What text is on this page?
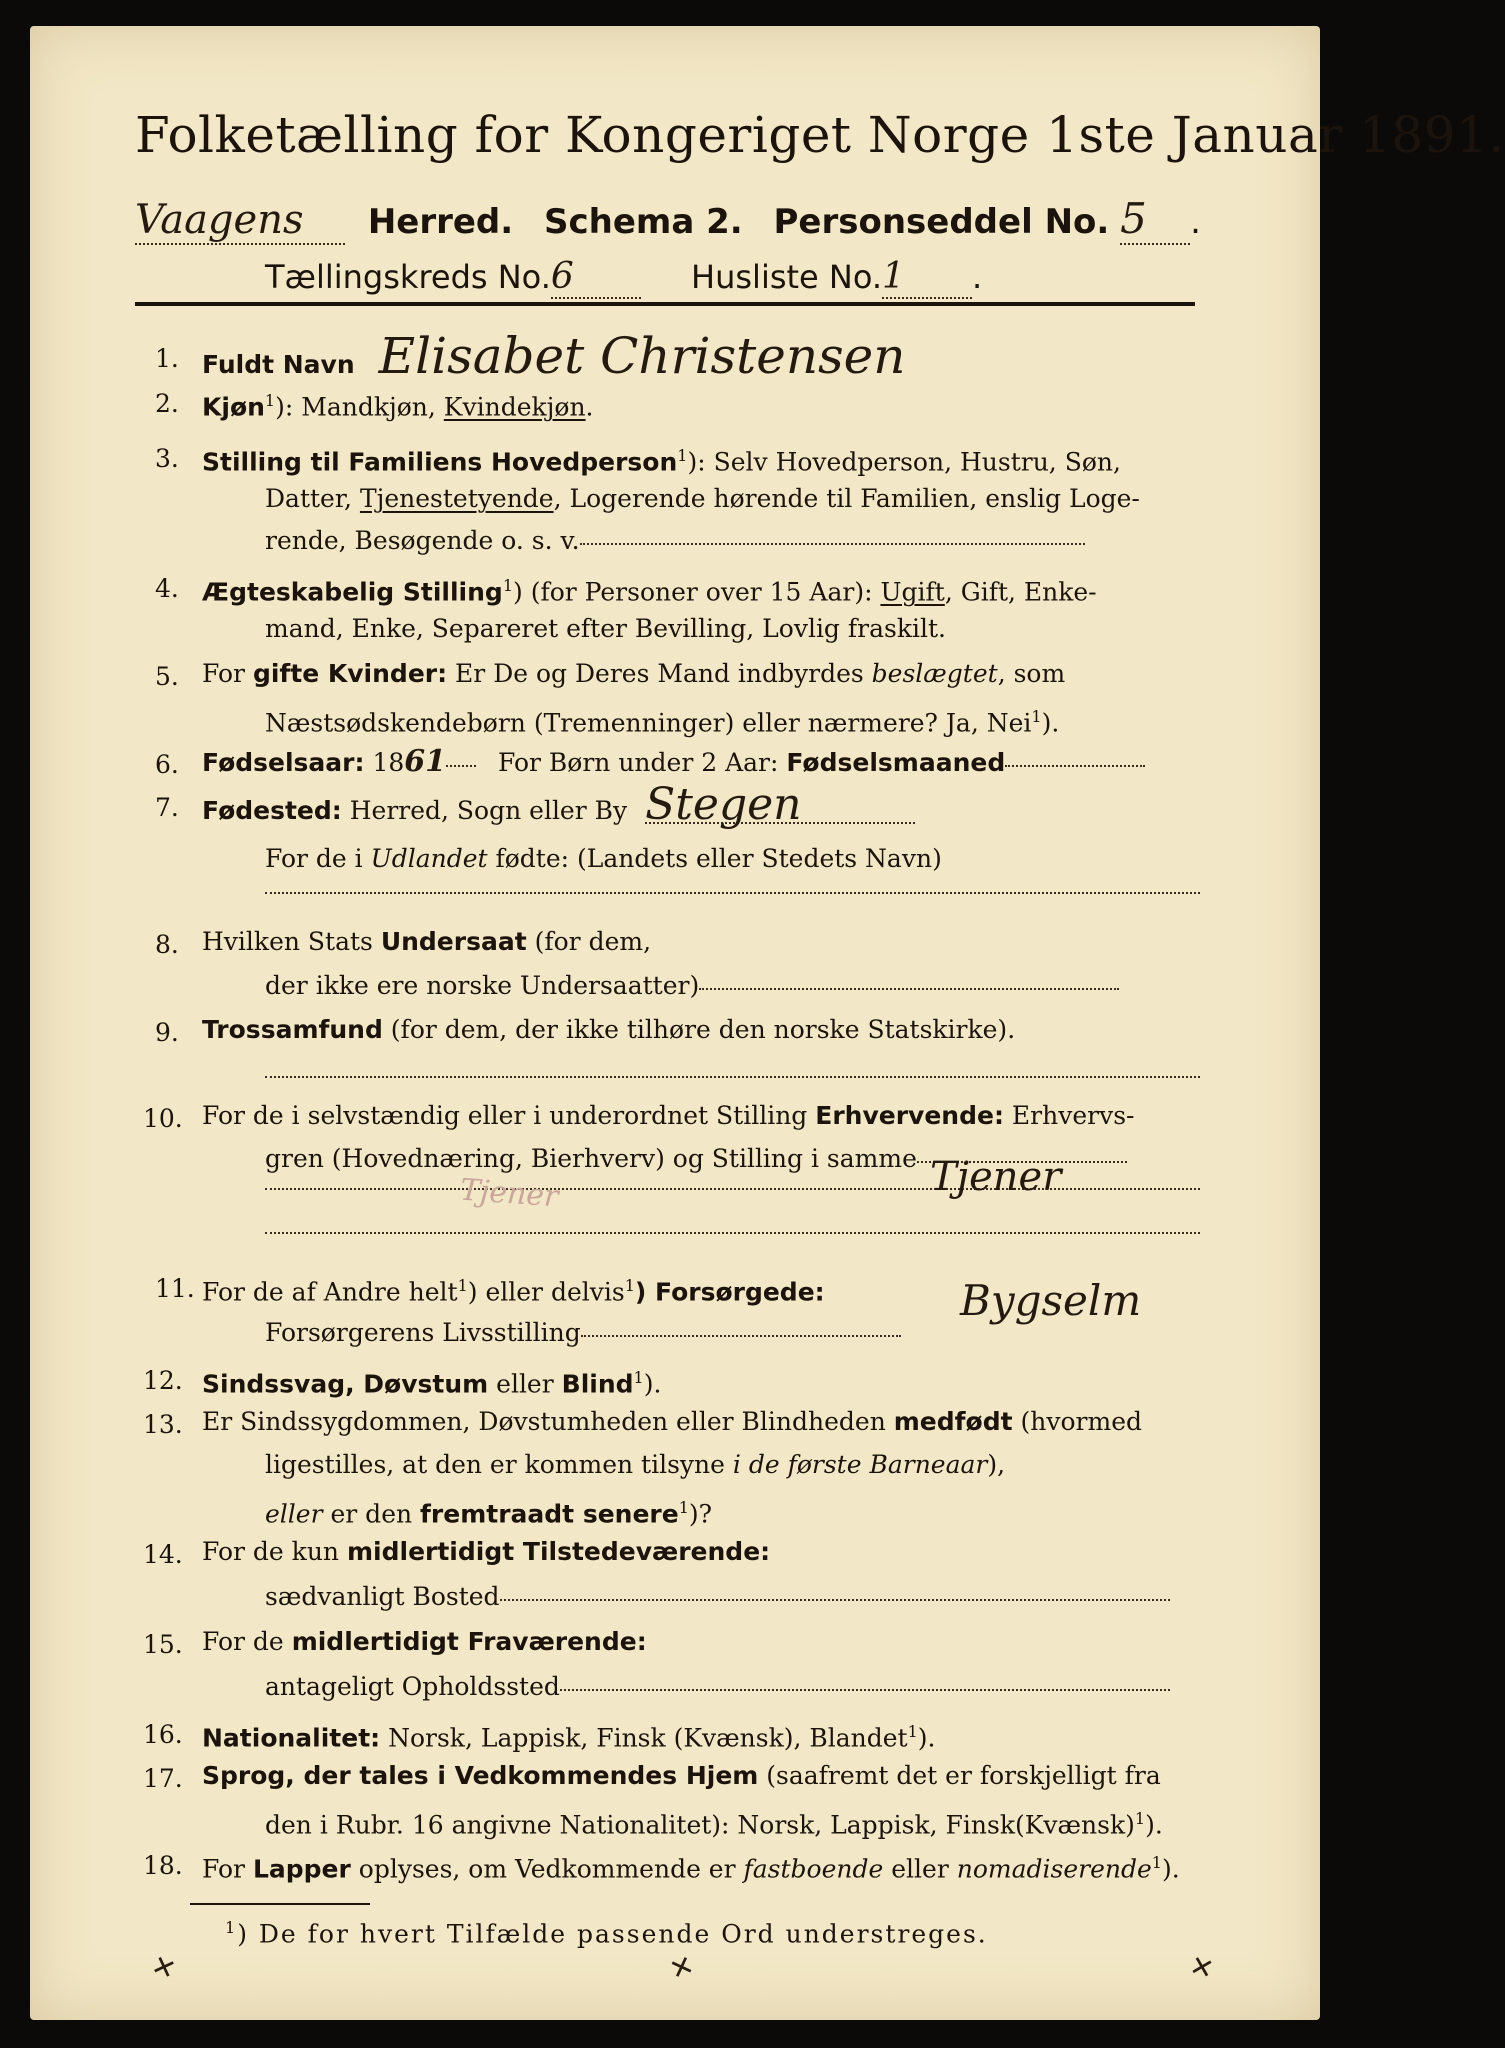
Folketælling for Kongeriget Norge 1ste Januar 1891.
Vaagens Herred. Schema 2. Personseddel No. 5 .
Tællingskreds No.6	Husliste No.1 .
1. Fuldt Navn Elisabet Christensen
2. Kjøn$^1$): Mandkjøn, Kvindekjøn.
3. Stilling til Familiens Hovedperson$^1$): Selv Hovedperson, Hustru, Søn,
Datter, Tjenestetyende, Logerende hørende til Familien, enslig Loge-
rende, Besøgende o. s. v.
4. Ægteskabelig Stilling$^1$) (for Personer over 15 Aar): Ugift, Gift, Enke-
mand, Enke, Separeret efter Bevilling, Lovlig fraskilt.
5. For gifte Kvinder: Er De og Deres Mand indbyrdes beslægtet, som
Næstsødskendebørn (Tremenninger) eller nærmere? Ja, Nei$^1$).
6. Fødselsaar: 1861 For Børn under 2 Aar: Fødselsmaaned
7. Fødested: Herred, Sogn eller By Stegen
For de i Udlandet fødte: (Landets eller Stedets Navn)
8. Hvilken Stats Undersaat (for dem,
der ikke ere norske Undersaatter)
9. Trossamfund (for dem, der ikke tilhøre den norske Statskirke).
10. For de i selvstændig eller i underordnet Stilling Erhvervende: Erhvervs-
gren (Hovednæring, Bierhverv) og Stilling i samme
Tjener	Tjener
11. For de af Andre helt$^1$) eller delvis$^1$) Forsørgede:
Forsørgerens Livsstilling
Bygselm
12. Sindssvag, Døvstum eller Blind$^1$).
13. Er Sindssygdommen, Døvstumheden eller Blindheden medfødt (hvormed
ligestilles, at den er kommen tilsyne i de første Barneaar),
eller er den fremtraadt senere$^1$)?
14. For de kun midlertidigt Tilstedeværende:
sædvanligt Bosted
15. For de midlertidigt Fraværende:
antageligt Opholdssted
16. Nationalitet: Norsk, Lappisk, Finsk (Kvænsk), Blandet$^1$).
17. Sprog, der tales i Vedkommendes Hjem (saafremt det er forskjelligt fra
den i Rubr. 16 angivne Nationalitet): Norsk, Lappisk, Finsk(Kvænsk)$^1$).
18. For Lapper oplyses, om Vedkommende er fastboende eller nomadiserende$^1$).
$^1$) De for hvert Tilfælde passende Ord understreges.
✕	✕	✕
